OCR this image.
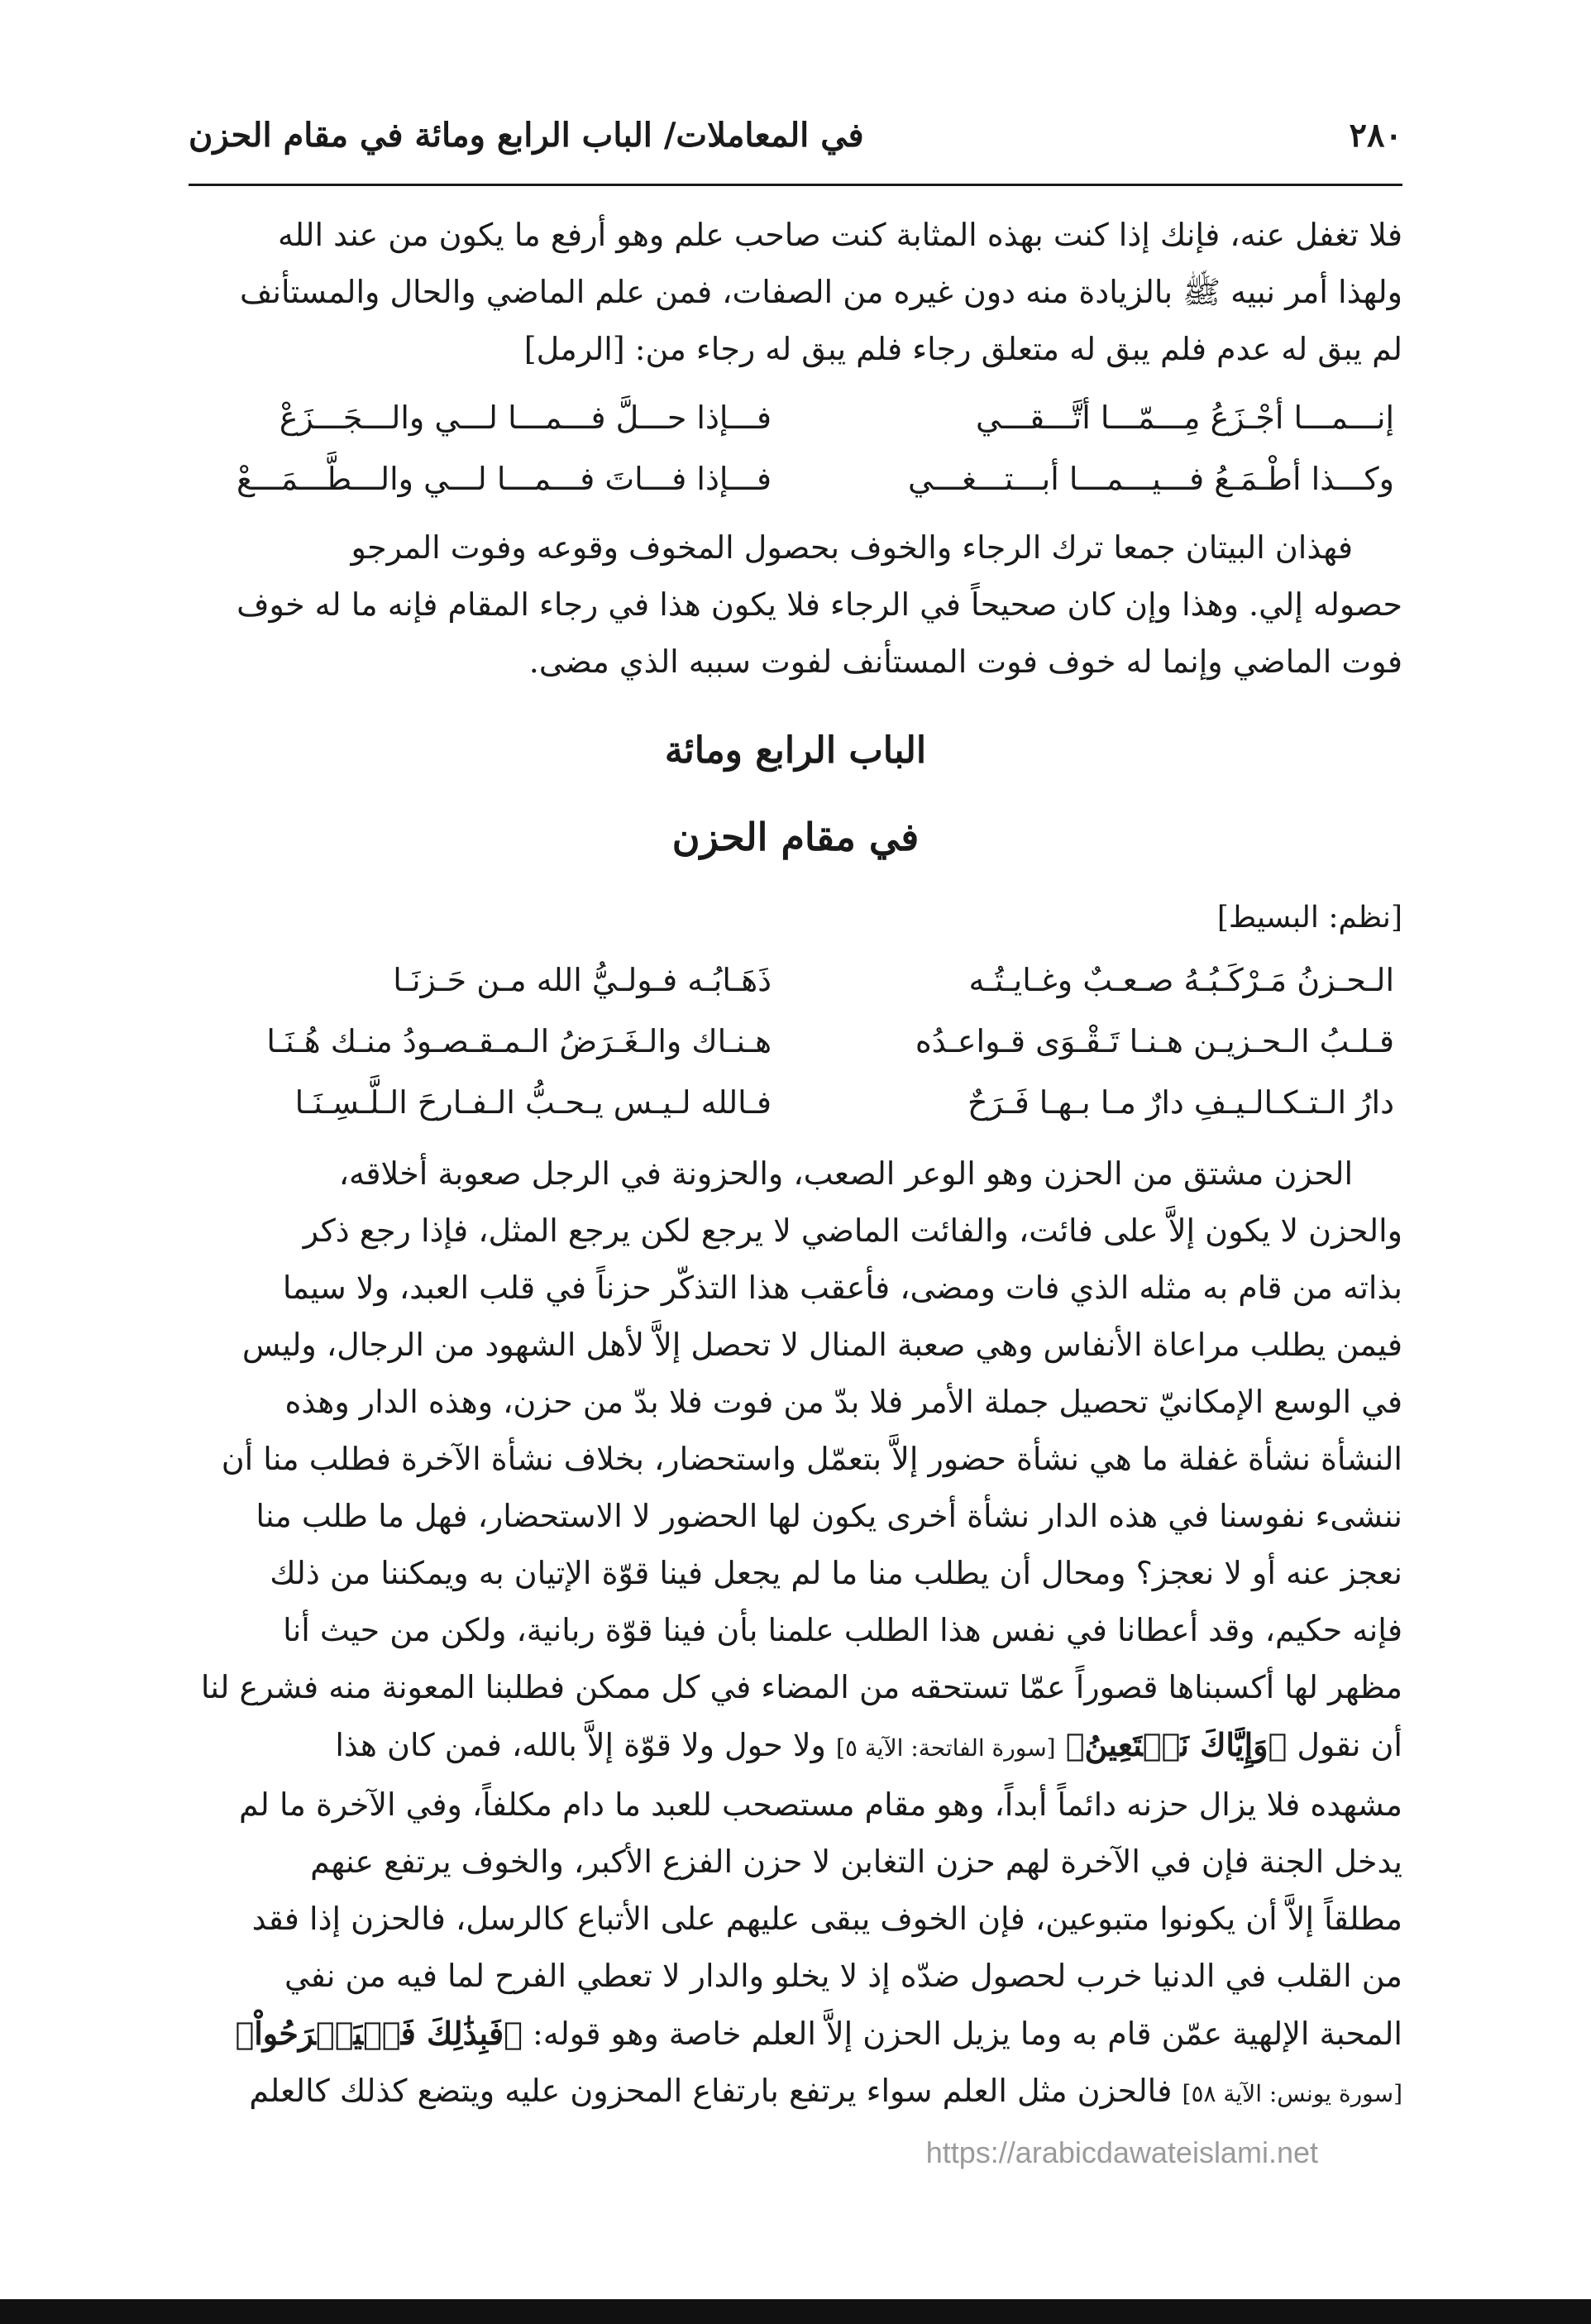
٢٨٠
في المعاملات/ الباب الرابع ومائة في مقام الحزن

فلا تغفل عنه، فإنك إذا كنت بهذه المثابة كنت صاحب علم وهو أرفع ما يكون من عند الله

ولهذا أمر نبيه ﷺ بالزيادة منه دون غيره من الصفات، فمن علم الماضي والحال والمستأنف

لم يبق له عدم فلم يبق له متعلق رجاء فلم يبق له رجاء من: [الرمل]

إنـــمـــا أجْـزَعُ مِـــمّـــا أتَّـــقـــي
فـــإذا حـــلَّ فـــمـــا لـــي والـــجَـــزَعْ
وكـــذا أطْـمَـعُ فـــيـــمـــا أبـــتـــغـــي
فـــإذا فـــاتَ فـــمـــا لـــي والـــطَّـــمَـــعْ

فهذان البيتان جمعا ترك الرجاء والخوف بحصول المخوف وقوعه وفوت المرجو

حصوله إلي. وهذا وإن كان صحيحاً في الرجاء فلا يكون هذا في رجاء المقام فإنه ما له خوف

فوت الماضي وإنما له خوف فوت المستأنف لفوت سببه الذي مضى.

الباب الرابع ومائة
في مقام الحزن
[نظم: البسيط]
الـحـزنُ مَـرْكَـبُـهُ صـعـبٌ وغـايـتُـه
ذَهَـابُـه فـولـيُّ الله مـن حَـزنَـا
قـلـبُ الـحـزيـن هـنـا تَـقْـوَى قـواعـدُه
هـنـاك والـغَـرَضُ الـمـقـصـودُ منـك هُـنَـا
دارُ الـتـكـالـيـفِ دارٌ مـا بـهـا فَـرَحٌ
فـالله لـيـس يـحـبُّ الـفـارحَ الـلَّـسِـنَـا

الحزن مشتق من الحزن وهو الوعر الصعب، والحزونة في الرجل صعوبة أخلاقه،

والحزن لا يكون إلاَّ على فائت، والفائت الماضي لا يرجع لكن يرجع المثل، فإذا رجع ذكر

بذاته من قام به مثله الذي فات ومضى، فأعقب هذا التذكّر حزناً في قلب العبد، ولا سيما

فيمن يطلب مراعاة الأنفاس وهي صعبة المنال لا تحصل إلاَّ لأهل الشهود من الرجال، وليس

في الوسع الإمكانيّ تحصيل جملة الأمر فلا بدّ من فوت فلا بدّ من حزن، وهذه الدار وهذه

النشأة نشأة غفلة ما هي نشأة حضور إلاَّ بتعمّل واستحضار، بخلاف نشأة الآخرة فطلب منا أن

ننشىء نفوسنا في هذه الدار نشأة أخرى يكون لها الحضور لا الاستحضار، فهل ما طلب منا

نعجز عنه أو لا نعجز؟ ومحال أن يطلب منا ما لم يجعل فينا قوّة الإتيان به ويمكننا من ذلك

فإنه حكيم، وقد أعطانا في نفس هذا الطلب علمنا بأن فينا قوّة ربانية، ولكن من حيث أنا

مظهر لها أكسبناها قصوراً عمّا تستحقه من المضاء في كل ممكن فطلبنا المعونة منه فشرع لنا

أن نقول ﴿وَإِيَّاكَ نَسۡتَعِينُ﴾ [سورة الفاتحة: الآية ٥] ولا حول ولا قوّة إلاَّ بالله، فمن كان هذا

مشهده فلا يزال حزنه دائماً أبداً، وهو مقام مستصحب للعبد ما دام مكلفاً، وفي الآخرة ما لم

يدخل الجنة فإن في الآخرة لهم حزن التغابن لا حزن الفزع الأكبر، والخوف يرتفع عنهم

مطلقاً إلاَّ أن يكونوا متبوعين، فإن الخوف يبقى عليهم على الأتباع كالرسل، فالحزن إذا فقد

من القلب في الدنيا خرب لحصول ضدّه إذ لا يخلو والدار لا تعطي الفرح لما فيه من نفي

المحبة الإلهية عمّن قام به وما يزيل الحزن إلاَّ العلم خاصة وهو قوله: ﴿فَبِذَٰلِكَ فَلۡيَفۡرَحُواْ﴾

[سورة يونس: الآية ٥٨] فالحزن مثل العلم سواء يرتفع بارتفاع المحزون عليه ويتضع كذلك كالعلم

https://arabicdawateislami.net
